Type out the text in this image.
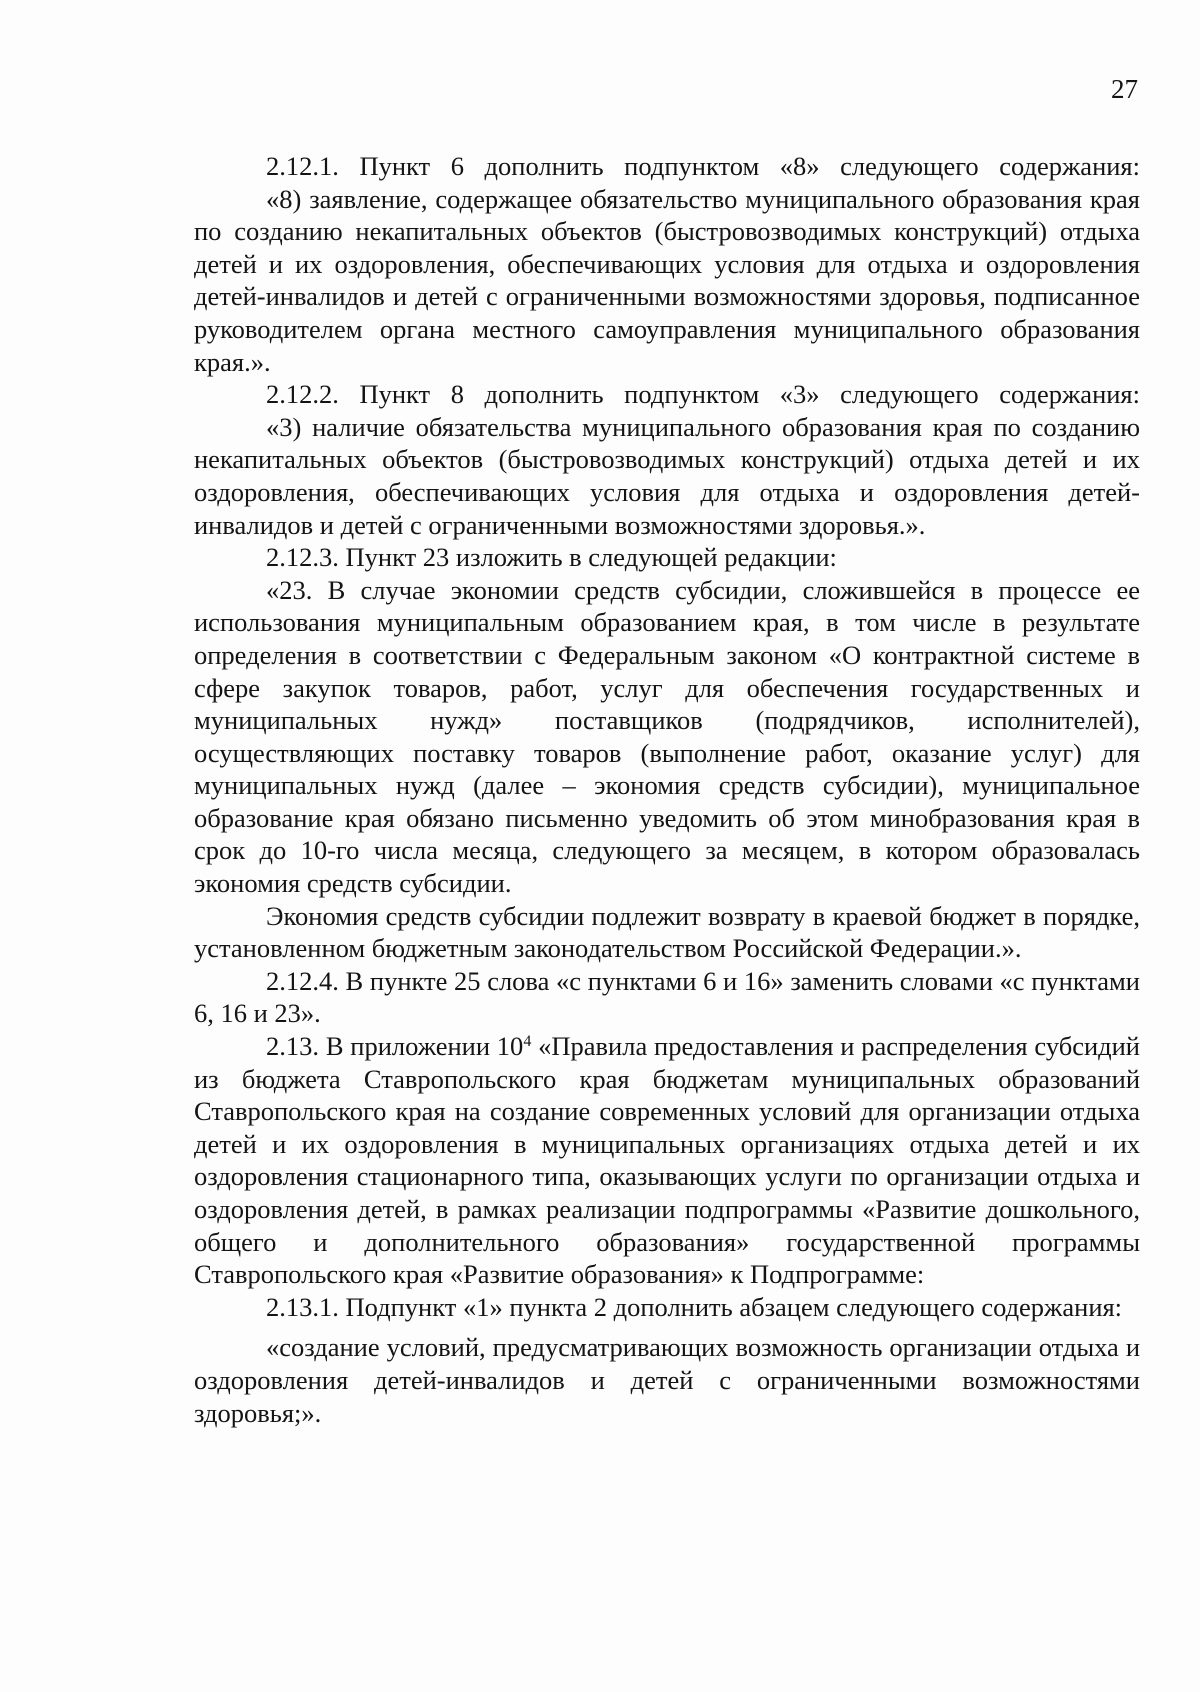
27

2.12.1. Пункт 6 дополнить подпунктом «8» следующего содержания:

«8) заявление, содержащее обязательство муниципального образования края по созданию некапитальных объектов (быстровозводимых конструкций) отдыха детей и их оздоровления, обеспечивающих условия для отдыха и оздоровления детей-инвалидов и детей с ограниченными возможностями здоровья, подписанное руководителем органа местного самоуправления муниципального образования края.».

2.12.2. Пункт 8 дополнить подпунктом «3» следующего содержания:

«3) наличие обязательства муниципального образования края по созданию некапитальных объектов (быстровозводимых конструкций) отдыха детей и их оздоровления, обеспечивающих условия для отдыха и оздоровления детей-инвалидов и детей с ограниченными возможностями здоровья.».

2.12.3. Пункт 23 изложить в следующей редакции:

«23. В случае экономии средств субсидии, сложившейся в процессе ее использования муниципальным образованием края, в том числе в результате определения в соответствии с Федеральным законом «О контрактной системе в сфере закупок товаров, работ, услуг для обеспечения государственных и муниципальных нужд» поставщиков (подрядчиков, исполнителей), осуществляющих поставку товаров (выполнение работ, оказание услуг) для муниципальных нужд (далее – экономия средств субсидии), муниципальное образование края обязано письменно уведомить об этом минобразования края в срок до 10-го числа месяца, следующего за месяцем, в котором образовалась экономия средств субсидии.

Экономия средств субсидии подлежит возврату в краевой бюджет в порядке, установленном бюджетным законодательством Российской Федерации.».

2.12.4. В пункте 25 слова «с пунктами 6 и 16» заменить словами «с пунктами 6, 16 и 23».

2.13. В приложении $10^4$ «Правила предоставления и распределения субсидий из бюджета Ставропольского края бюджетам муниципальных образований Ставропольского края на создание современных условий для организации отдыха детей и их оздоровления в муниципальных организациях отдыха детей и их оздоровления стационарного типа, оказывающих услуги по организации отдыха и оздоровления детей, в рамках реализации подпрограммы «Развитие дошкольного, общего и дополнительного образования» государственной программы Ставропольского края «Развитие образования» к Подпрограмме:

2.13.1. Подпункт «1» пункта 2 дополнить абзацем следующего содержания:

«создание условий, предусматривающих возможность организации отдыха и оздоровления детей-инвалидов и детей с ограниченными возможностями здоровья;».
